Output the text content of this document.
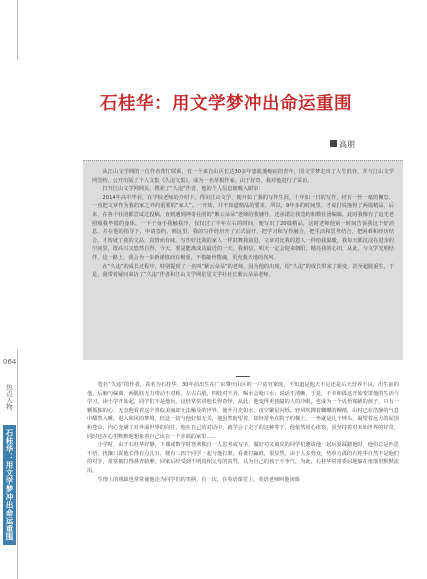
064
热点人物
石桂华：用文学梦冲出命运重围
石桂华：用文学梦冲出命运重围
高朋

从江山文学网的一位作者帮忙联系，有一个来自山区长达30多年患肌萎缩症的青年，国文学梦走出了人生低谷，并与江山文学网签约，公开出版了个人文集《久违文集》，成为一名草根作家，由于好奇，我对他进行了采访。

打开江山文学网网页，搜索了“久违”作者，他的个人信息便映入眼帘：

2014年高中毕业，在学校老师的介绍下，得识江山文学，便开始了我的写作生涯，十年如一日的写作，经有一丝一毫的懈怠。一直把文章作为我的家之外的重要的“家人”。一开始，并不知道精品的要求，所以，9年多的时间里，才说打说撞得了两篇精品，后来，在各个社团都尝试过投稿，直到遇到神奇社团的“紫云朵朵”老师给我辅导，还承诺让我签约和数社团编辑，此时我像有了追光老照般我毕摸的身体，一下子身手我触我冷，仅仅过了半年左右的时间，便写出了20篇精品，这时老师他第一时间告诉我这个好消息，并在他的指导下，申请签约，则这里，我的写作经历开了正式展开，把学习和写作融合，把生活和思考结合，把困难和经历结合，才铸就了我的文品，真情而有味，写作好比我的家人一样鼓舞我前进，文章对比我的恩人一样给我温暖，我每天都沉浸在进步的空间里，既高兴又悠然自得，今天，要是能离成功最近的一天，我相信，明天一定会迎来朝阳，精亮我的心田，从此，与文学光明结伴，这一路上，我会为一步新谨慎而有极重，不惜敲骨搜魂，更充我天地的坎坷。

在“久违”的成长过程中，特别提到了一名叫“紫云朵朵”的老师，因为他的出现，给“久违”的成长带来了新变，甚至超脱重生，于是，我带着疑问来访了“久违”作者和江山文学网星星文学社社长紫云朵朵老师。

笔名“久违”的作者，真名为石桂华，30年前出生在广东肇庆山区的一户贫穷家庭，不知道是他天不足还是后天营养不良，出生前的他，后脑勺偏离，两肌肤无力带动不对称，左占右肌，四肢对不齐，喝水会呛口水；说话不清晰，于是，不幸和孤这开始笼罩他的生活与学习，读小学开始起，同学们不是他玩，这经常常讲他长得奇怪，从此，他变得更狭隘的人的冷眼，也成为一个讥悟寡陋的孩子，只有一颗孤独的心，无奈他看着这个喜似美丽却无法触及的世界，使升月光如水，夜空繁星闪烁，轻风吹拂着蝴蝶的柳梢，山村已在浩静的气息中酣然入睡，进入和风的梦境，但这一切与他好似无关，他虽然盼望着，却经常坐在院子的梯上，一坐就是几个钟头，凝望着远方的屋顶和苍山，内心充满了对外面世界的向往，他在自己的对话中，就学会了走了的这种等于，他依然用心体察，虽坚持着对未知世界的好奇，同时也在心里默默地想象着自己该在一个幸福的家里……

小学时，由于石桂华好静，下课或数学时喜欢独自一人思考或写字，做好功又调皮的同学们邀请他一起玩耍踩踏他时，他们总是匹思不悟，扰攘口说他长得有点儿丑，便有三四个同学一起与他打架，看谁打赢谁，很显然，由于人多势众，势单力孤的石桂华自然不是他们的对手，常常被打得鼻青脸肿，回家后经受到不明真相父母的责骂，认为自己的孩子不争气，为此，石桂华常常委屈地躲在角落里默默流泪。

生理上的残缺也常常使他沦为同学们的笑柄，有一次，在英语课堂上，英语老师叫他读课
